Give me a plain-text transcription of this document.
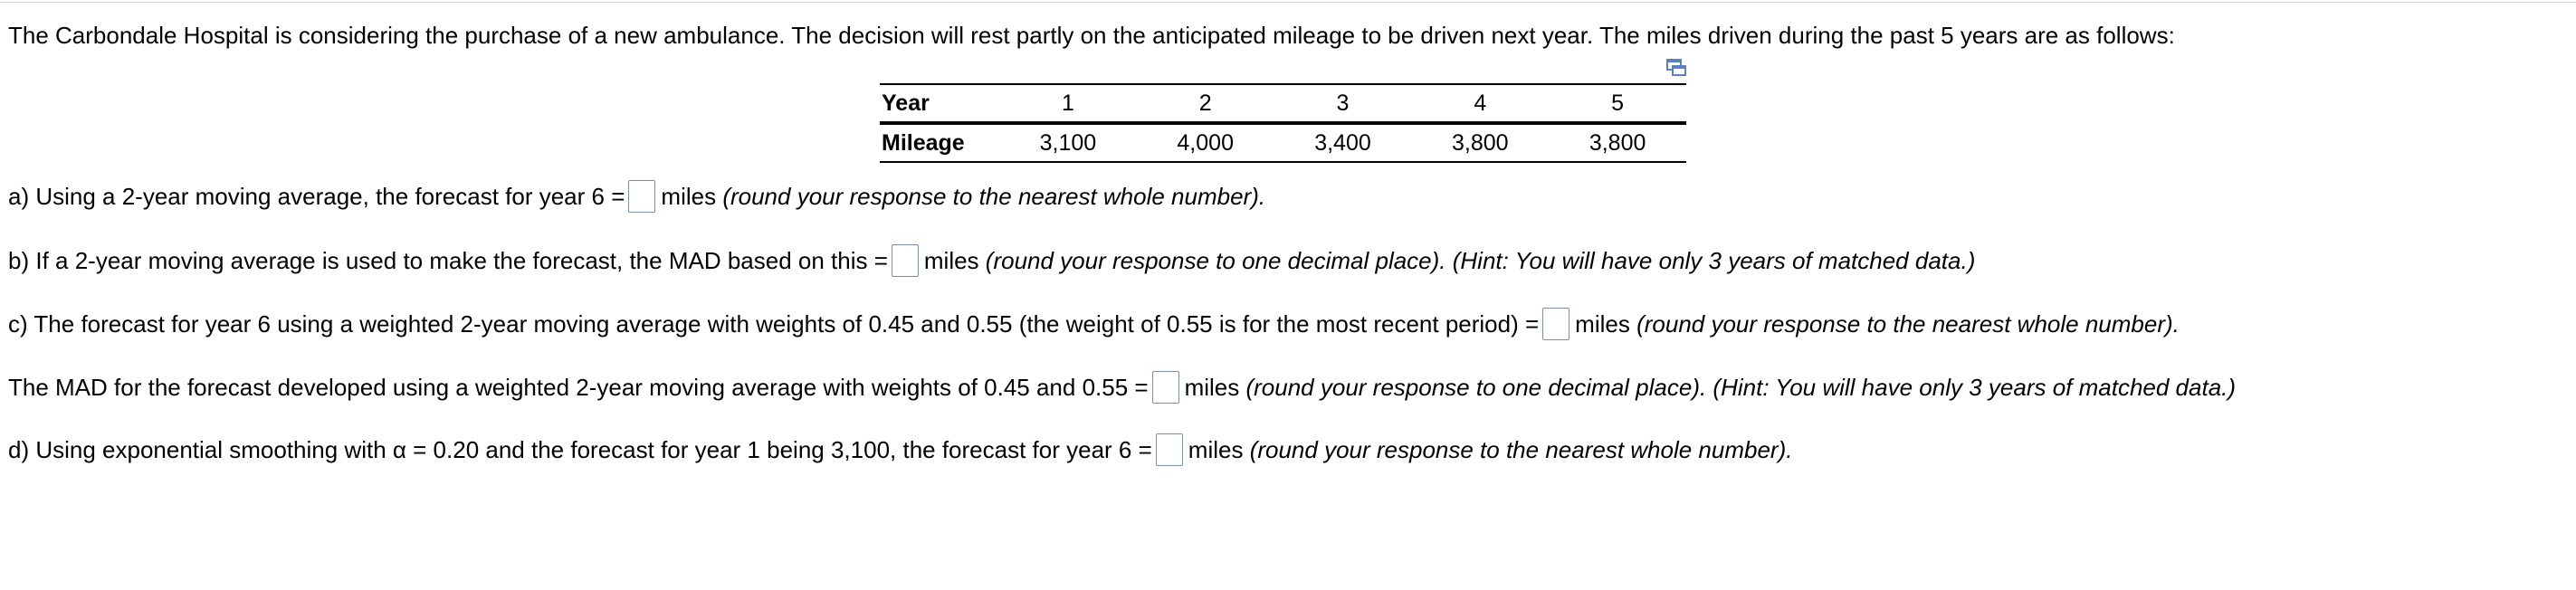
The Carbondale Hospital is considering the purchase of a new ambulance. The decision will rest partly on the anticipated mileage to be driven next year. The miles driven during the past 5 years are as follows:
Year	1	2	3	4	5
Mileage	3,100	4,000	3,400	3,800	3,800
a) Using a 2-year moving average, the forecast for year 6 = miles (round your response to the nearest whole number).
b) If a 2-year moving average is used to make the forecast, the MAD based on this = miles (round your response to one decimal place). (Hint: You will have only 3 years of matched data.)
c) The forecast for year 6 using a weighted 2-year moving average with weights of 0.45 and 0.55 (the weight of 0.55 is for the most recent period) = miles (round your response to the nearest whole number).
The MAD for the forecast developed using a weighted 2-year moving average with weights of 0.45 and 0.55 = miles (round your response to one decimal place). (Hint: You will have only 3 years of matched data.)
d) Using exponential smoothing with α = 0.20 and the forecast for year 1 being 3,100, the forecast for year 6 = miles (round your response to the nearest whole number).
